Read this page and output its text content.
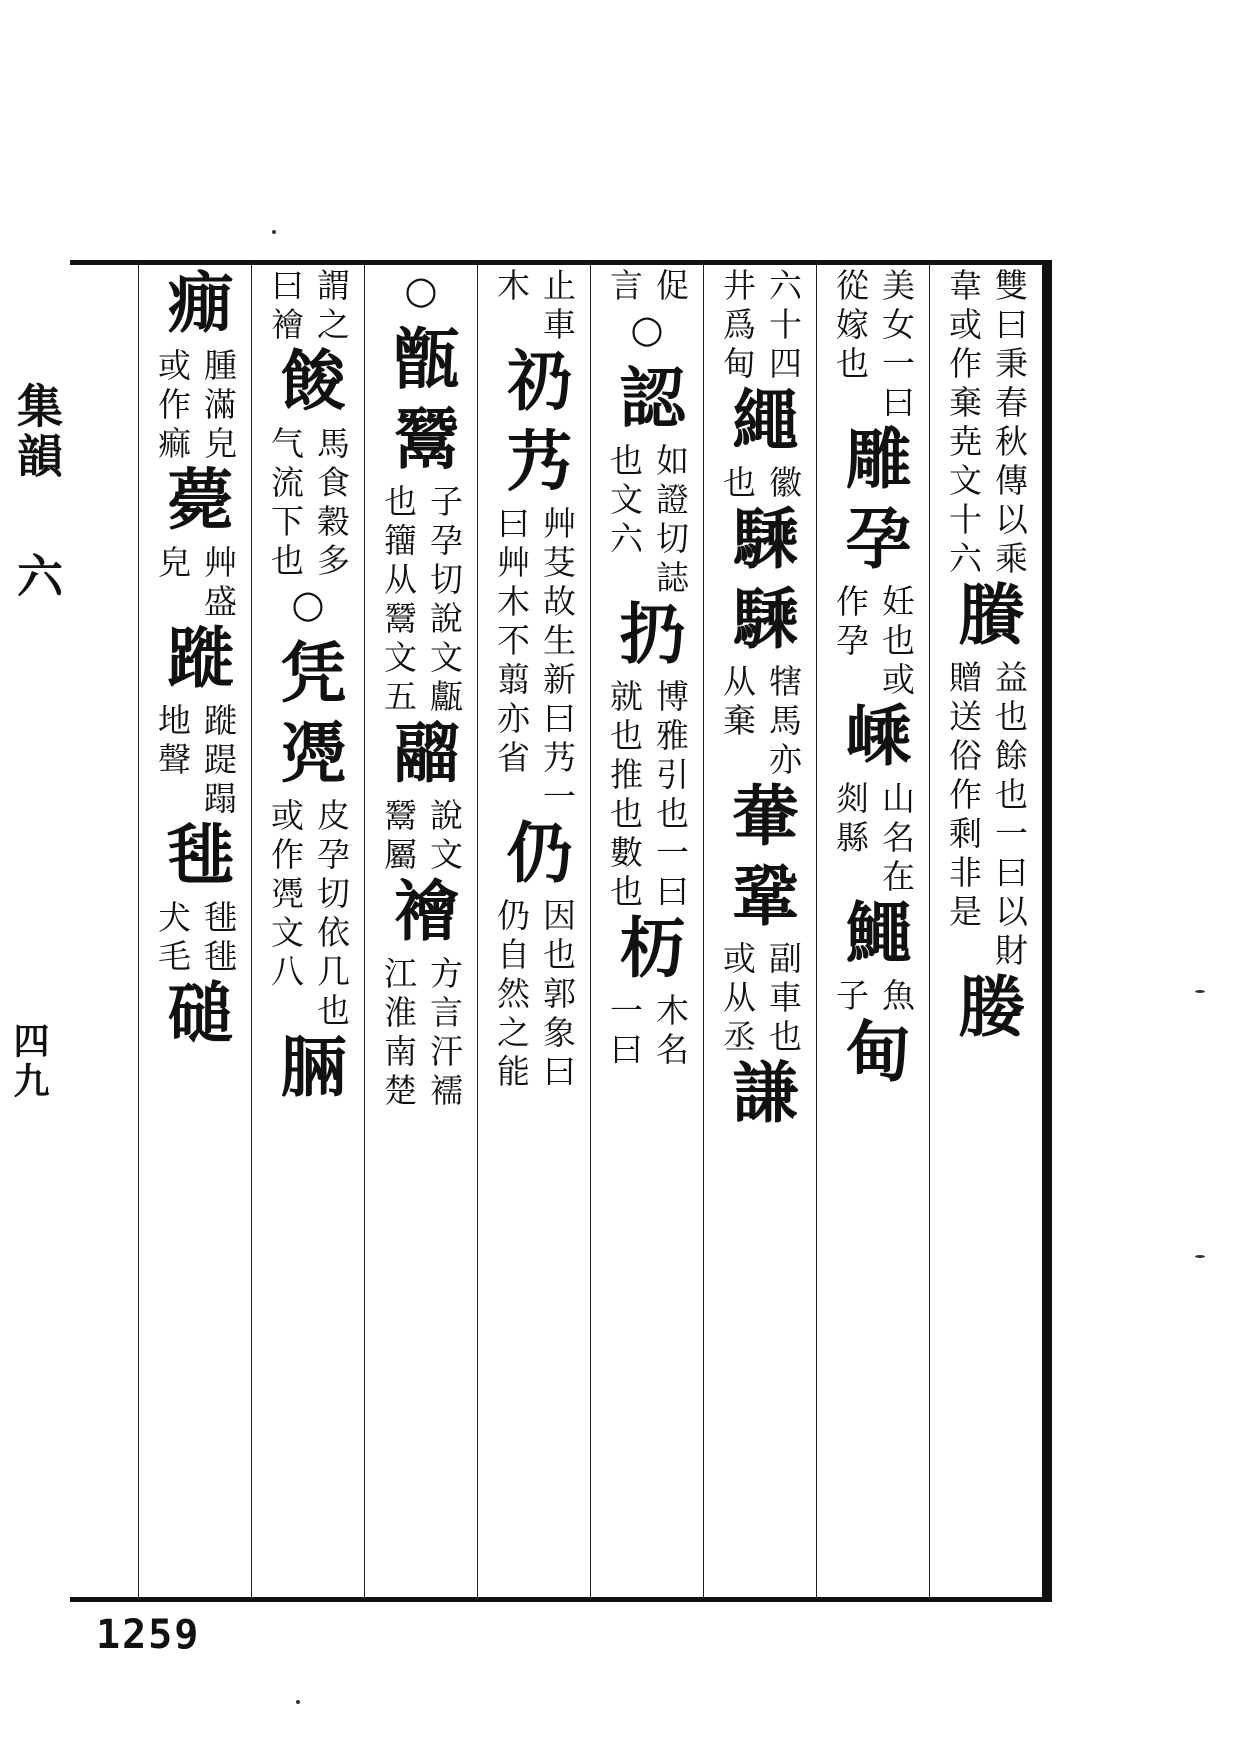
集韻
六
四九
雙曰秉春秋傳以乘
韋或作棄尭文十六
賸
益也餘也一曰以財
贈送俗作剩非是
媵
美女一曰
從嫁也
雕孕
妊也或
作孕
嵊
山名在
剡縣
鱦
魚
子
甸
六十四
井爲甸
繩
徽
也
騬騬
犗馬亦
从棄
輂鞏
副車也
或从丞
謙
促
言
○
認
如證切誌
也文六
扔
博雅引也一曰
就也推也數也
杤
木名
一曰
止車
木
礽艿
艸芟故生新曰艿一
曰艸木不翦亦省
仍
因也郭象曰
仍自然之能
○
甑鬵
子孕切說文甗
也籒从鬵文五
鬸
說文
鬵屬
襘
方言汗襦
江淮南楚
謂之
曰襘
餕
馬食穀多
气流下也
○
凭凴
皮孕切依几也
或作凴文八
脼
痭
腫滿皃
或作痲
薨
艸盛
皃
蹝
蹝踶蹋
地聲
毴
毴毴
犬毛
磓
1259
